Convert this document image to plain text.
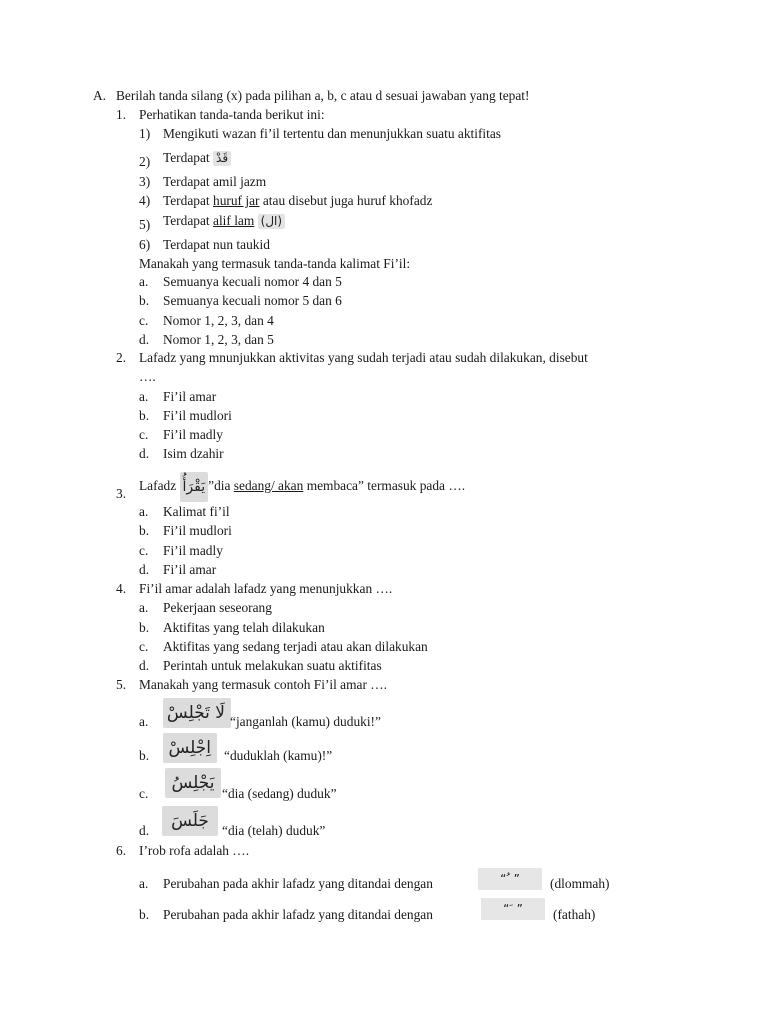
A. Berilah tanda silang (x) pada pilihan a, b, c atau d sesuai jawaban yang tepat!
1. Perhatikan tanda-tanda berikut ini:
1) Mengikuti wazan fi’il tertentu dan menunjukkan suatu aktifitas
2) Terdapat قَدْ
3) Terdapat amil jazm
4) Terdapat huruf jar atau disebut juga huruf khofadz
5) Terdapat alif lam (ال)
6) Terdapat nun taukid
Manakah yang termasuk tanda-tanda kalimat Fi’il:
a. Semuanya kecuali nomor 4 dan 5
b. Semuanya kecuali nomor 5 dan 6
c. Nomor 1, 2, 3, dan 4
d. Nomor 1, 2, 3, dan 5
2. Lafadz yang mnunjukkan aktivitas yang sudah terjadi atau sudah dilakukan, disebut
….
a. Fi’il amar
b. Fi’il mudlori
c. Fi’il madly
d. Isim dzahir
3.
Lafadz يَقْرَأُ ”dia sedang/ akan membaca” termasuk pada ….
a. Kalimat fi’il
b. Fi’il mudlori
c. Fi’il madly
d. Fi’il amar
4. Fi’il amar adalah lafadz yang menunjukkan ….
a. Pekerjaan seseorang
b. Aktifitas yang telah dilakukan
c. Aktifitas yang sedang terjadi atau akan dilakukan
d. Perintah untuk melakukan suatu aktifitas
5. Manakah yang termasuk contoh Fi’il amar ….
a. لَا تَجْلِسْ “janganlah (kamu) duduki!”
b.	اِجْلِسْ “duduklah (kamu)!”
c.
يَجْلِسُ
“dia (sedang) duduk”
d.	جَلَسَ “dia (telah) duduk”
6. I’rob rofa adalah ….
a. Perubahan pada akhir lafadz yang ditandai dengan	“ ُ ”	(dlommah)
b. Perubahan pada akhir lafadz yang ditandai dengan	“ َ ”	(fathah)
